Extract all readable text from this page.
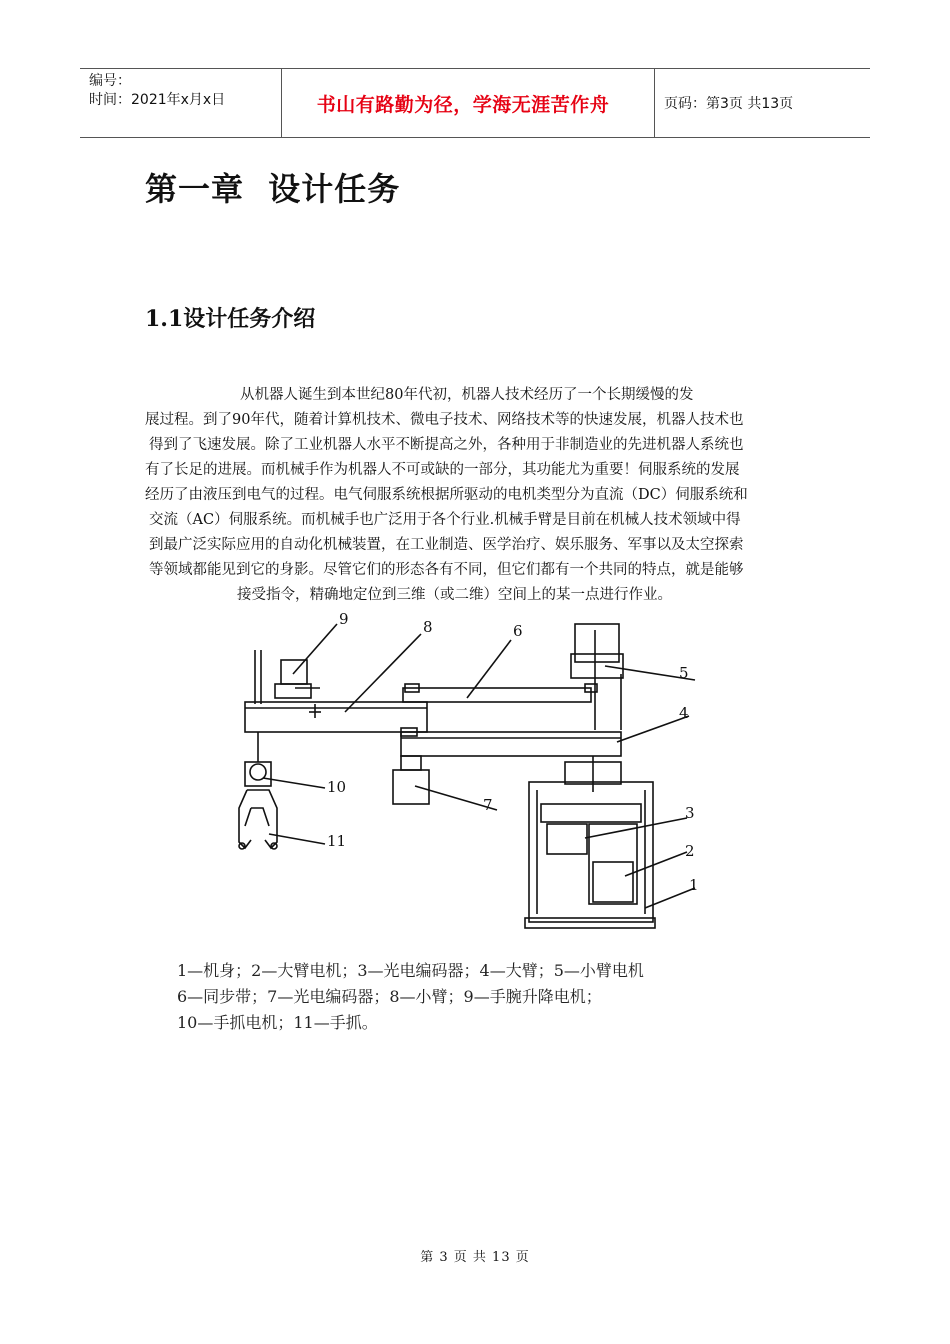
编号：
时间：2021年x月x日	书山有路勤为径，学海无涯苦作舟	页码：第3页 共13页
第一章  设计任务
1.1设计任务介绍
从机器人诞生到本世纪80年代初，机器人技术经历了一个长期缓慢的发
展过程。到了90年代，随着计算机技术、微电子技术、网络技术等的快速发展，机器人技术也
得到了飞速发展。除了工业机器人水平不断提高之外，各种用于非制造业的先进机器人系统也
有了长足的进展。而机械手作为机器人不可或缺的一部分，其功能尤为重要！伺服系统的发展
经历了由液压到电气的过程。电气伺服系统根据所驱动的电机类型分为直流（DC）伺服系统和
交流（AC）伺服系统。而机械手也广泛用于各个行业.机械手臂是目前在机械人技术领域中得
到最广泛实际应用的自动化机械装置，在工业制造、医学治疗、娱乐服务、军事以及太空探索
等领域都能见到它的身影。尽管它们的形态各有不同，但它们都有一个共同的特点，就是能够
接受指令，精确地定位到三维（或二维）空间上的某一点进行作业。
9	8	6
5
4
7
10
11
3
2
1
1—机身；2—大臂电机；3—光电编码器；4—大臂；5—小臂电机
6—同步带；7—光电编码器；8—小臂；9—手腕升降电机；
10—手抓电机；11—手抓。
第 3 页 共 13 页
